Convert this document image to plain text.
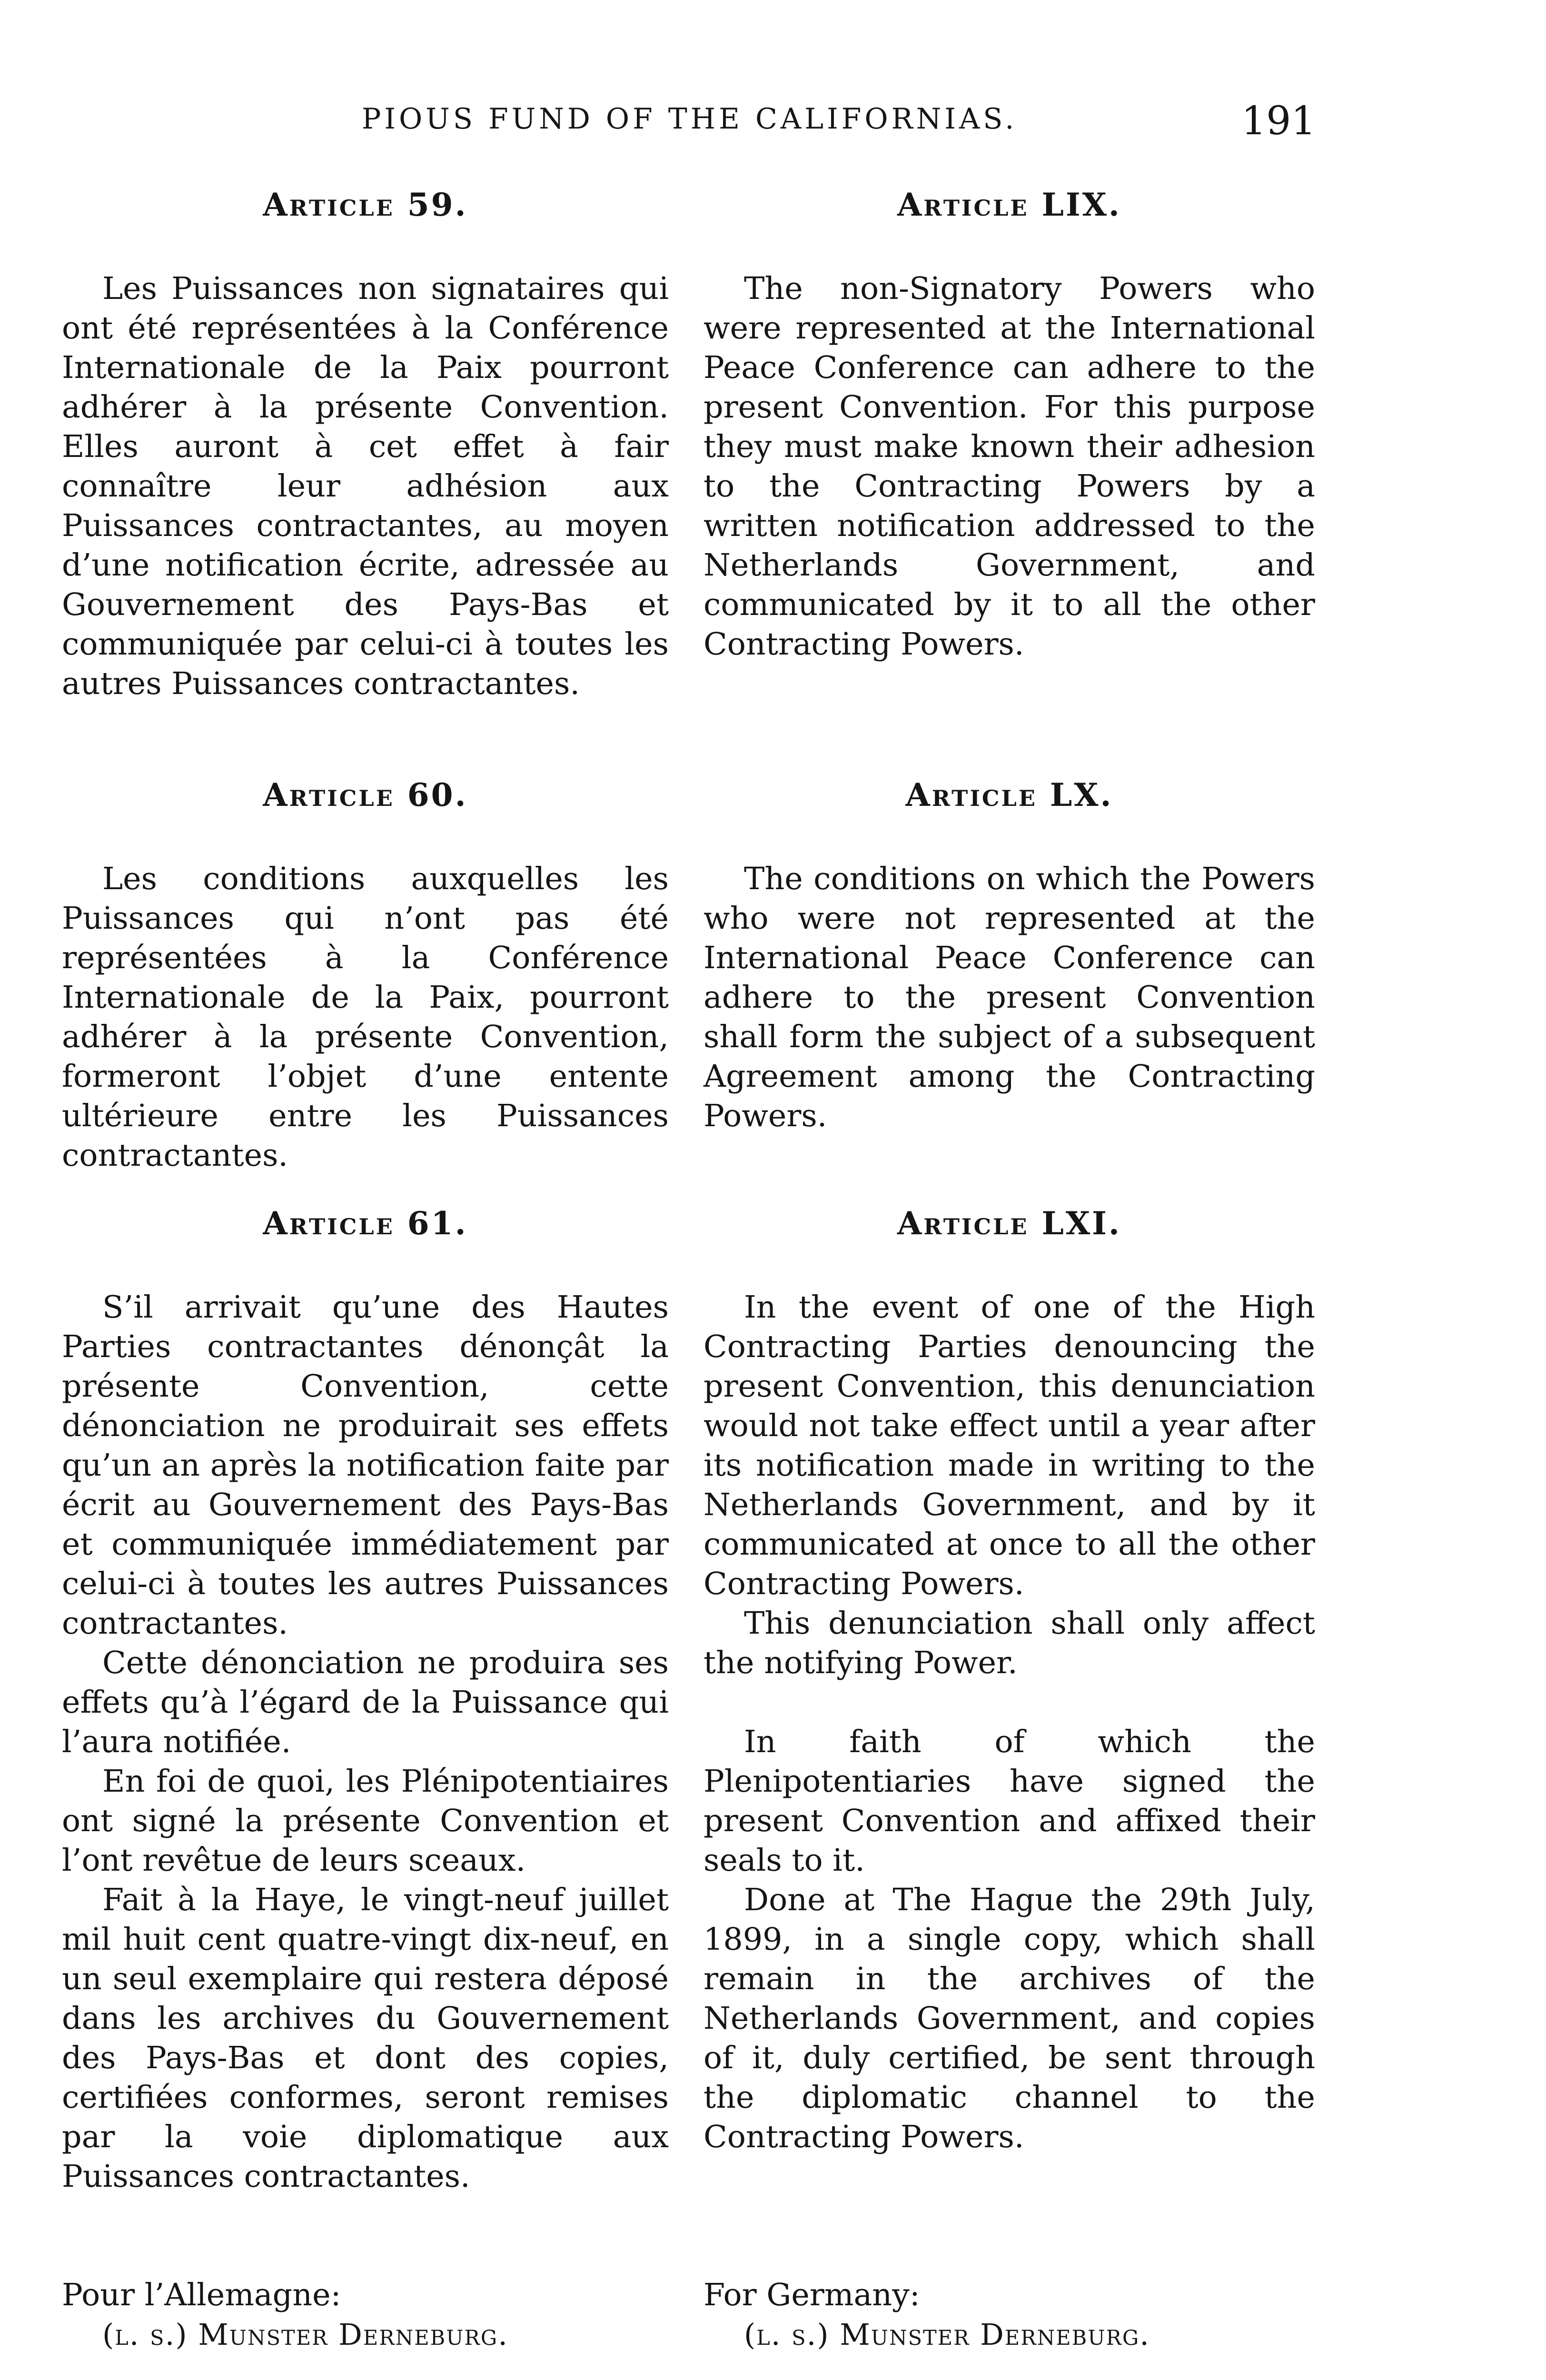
PIOUS FUND OF THE CALIFORNIAS.	191
Article 59.

Les Puissances non signataires qui ont été représentées à la Conférence Internationale de la Paix pourront adhérer à la présente Convention. Elles auront à cet effet à fair connaître leur adhésion aux Puissances contractantes, au moyen d’une notification écrite, adressée au Gouvernement des Pays-Bas et communiquée par celui-ci à toutes les autres Puissances contractantes.

Article 60.

Les conditions auxquelles les Puissances qui n’ont pas été représentées à la Conférence Internationale de la Paix, pourront adhérer à la présente Convention, formeront l’objet d’une entente ultérieure entre les Puissances contractantes.

Article 61.

S’il arrivait qu’une des Hautes Parties contractantes dénonçât la présente Convention, cette dénonciation ne produirait ses effets qu’un an après la notification faite par écrit au Gouvernement des Pays-Bas et communiquée immédiatement par celui-ci à toutes les autres Puissances contractantes.

Cette dénonciation ne produira ses effets qu’à l’égard de la Puissance qui l’aura notifiée.

En foi de quoi, les Plénipotentiaires ont signé la présente Convention et l’ont revêtue de leurs sceaux.

Fait à la Haye, le vingt-neuf juillet mil huit cent quatre-vingt dix-neuf, en un seul exemplaire qui restera déposé dans les archives du Gouvernement des Pays-Bas et dont des copies, certifiées conformes, seront remises par la voie diplomatique aux Puissances contractantes.

Pour l’Allemagne:

(l. s.) Munster Derneburg.

Article LIX.

The non-Signatory Powers who were represented at the International Peace Conference can adhere to the present Convention. For this purpose they must make known their adhesion to the Contracting Powers by a written notification addressed to the Netherlands Government, and communicated by it to all the other Contracting Powers.

Article LX.

The conditions on which the Powers who were not represented at the International Peace Conference can adhere to the present Convention shall form the subject of a subsequent Agreement among the Contracting Powers.

Article LXI.

In the event of one of the High Contracting Parties denouncing the present Convention, this denunciation would not take effect until a year after its notification made in writing to the Netherlands Government, and by it communicated at once to all the other Contracting Powers.

This denunciation shall only affect the notifying Power.

In faith of which the Plenipotentiaries have signed the present Convention and affixed their seals to it.

Done at The Hague the 29th July, 1899, in a single copy, which shall remain in the archives of the Netherlands Government, and copies of it, duly certified, be sent through the diplomatic channel to the Contracting Powers.

For Germany:

(l. s.) Munster Derneburg.
